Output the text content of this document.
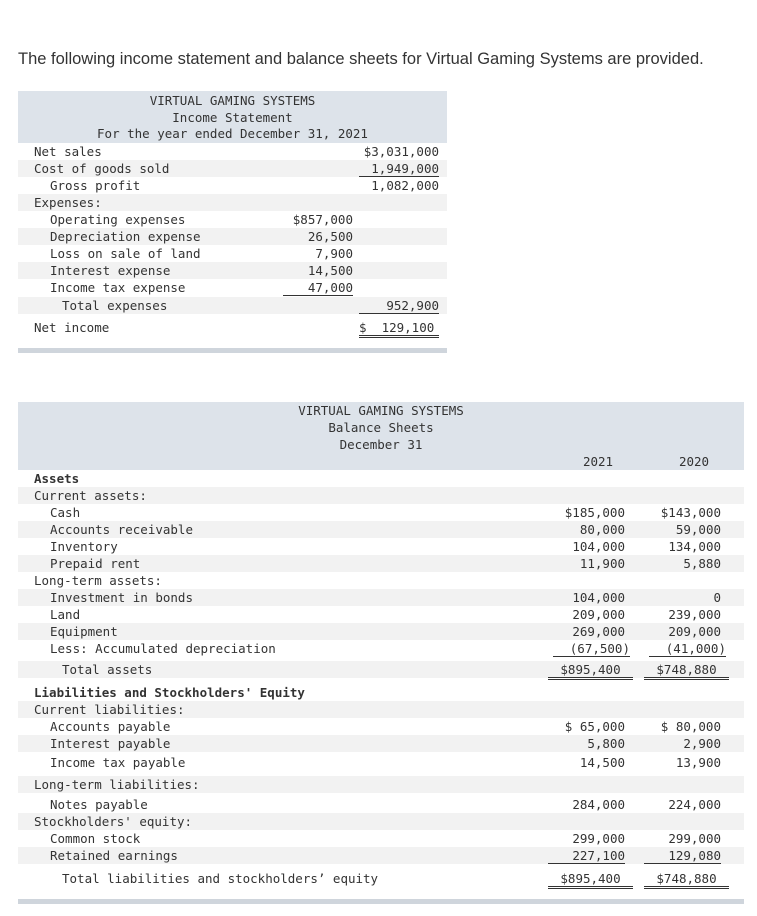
The following income statement and balance sheets for Virtual Gaming Systems are provided.
VIRTUAL GAMING SYSTEMS
Income Statement
For the year ended December 31, 2021
Net sales	$3,031,000
Cost of goods sold	1,949,000
Gross profit	1,082,000
Expenses:
Operating expenses	$857,000
Depreciation expense	26,500
Loss on sale of land	7,900
Interest expense	14,500
Income tax expense	47,000
Total expenses	952,900
Net income	$  129,100
VIRTUAL GAMING SYSTEMS
Balance Sheets
December 31
2021	2020
Assets
Current assets:
Cash	$185,000	$143,000
Accounts receivable	80,000	59,000
Inventory	104,000	134,000
Prepaid rent	11,900	5,880
Long-term assets:
Investment in bonds	104,000	0
Land	209,000	239,000
Equipment	269,000	209,000
Less: Accumulated depreciation	(67,500)	(41,000)
Total assets	$895,400	$748,880
Liabilities and Stockholders' Equity
Current liabilities:
Accounts payable	$ 65,000	$ 80,000
Interest payable	5,800	2,900
Income tax payable	14,500	13,900
Long-term liabilities:
Notes payable	284,000	224,000
Stockholders' equity:
Common stock	299,000	299,000
Retained earnings	227,100	129,080
Total liabilities and stockholders’ equity	$895,400	$748,880
